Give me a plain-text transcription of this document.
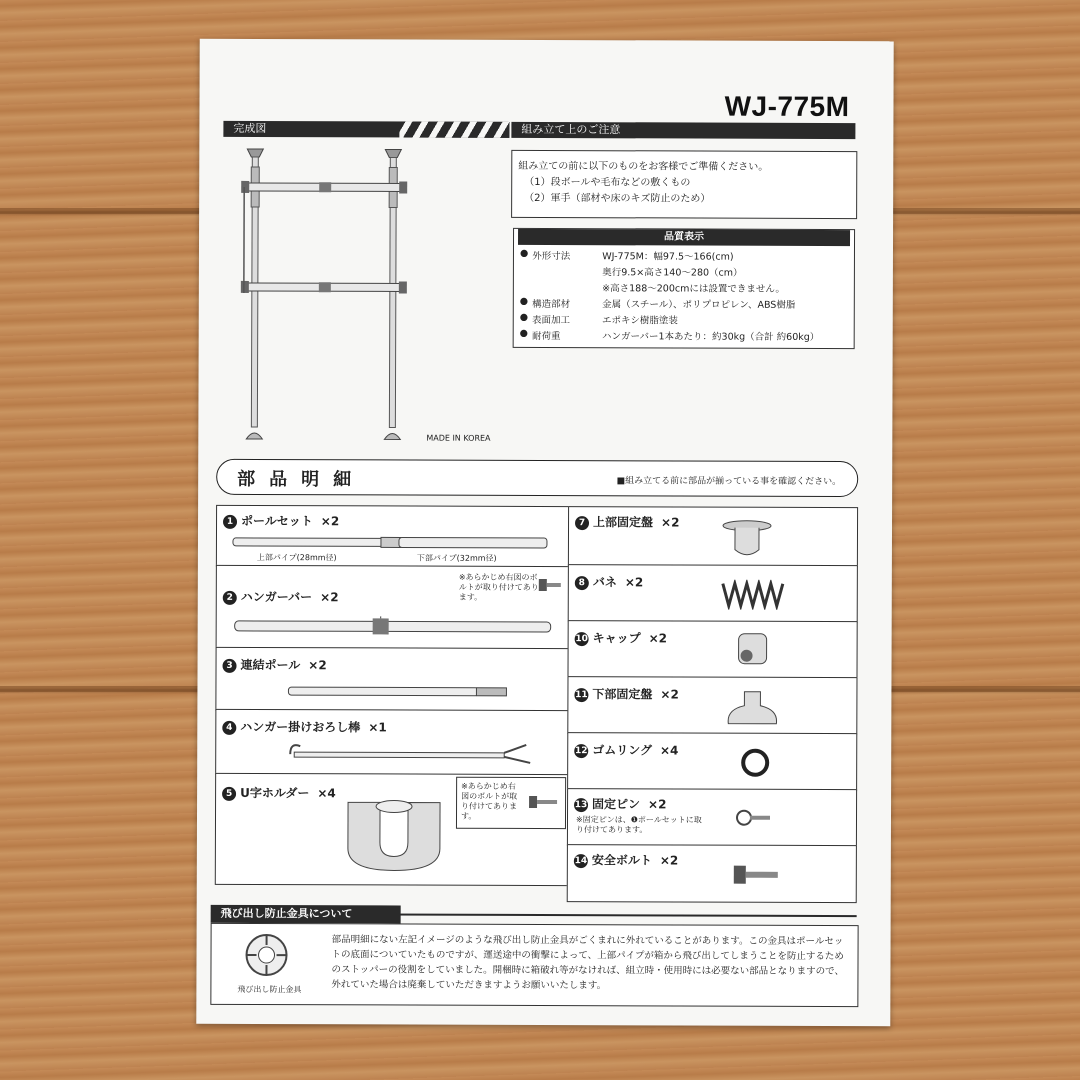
WJ-775M
完成図
MADE IN KOREA
組み立て上のご注意
組み立ての前に以下のものをお客様でご準備ください。
（1）段ボールや毛布などの敷くもの
（2）軍手（部材や床のキズ防止のため）
品質表示
●	外形寸法	WJ-775M：幅97.5～166(cm)
		奥行9.5×高さ140～280（cm）
		※高さ188～200cmには設置できません。
●	構造部材	金属（スチール）、ポリプロピレン、ABS樹脂
●	表面加工	エポキシ樹脂塗装
●	耐荷重	ハンガーバー1本あたり：約30kg（合計 約60kg）
部品明細	■組み立てる前に部品が揃っている事を確認ください。
1 ポールセット ×2
上部パイプ(28mm径)	下部パイプ(32mm径)
2 ハンガーバー ×2
※あらかじめ右図のボルトが取り付けてあります。
3 連結ポール ×2
4 ハンガー掛けおろし棒 ×1
5 U字ホルダー ×4	※あらかじめ右図のボルトが取り付けてあります。
7 上部固定盤 ×2
8 バネ ×2
10 キャップ ×2
11 下部固定盤 ×2
12 ゴムリング ×4
13 固定ピン ×2
※固定ピンは、❶ポールセットに取り付けてあります。
14 安全ボルト ×2
飛び出し防止金具について
飛び出し防止金具
部品明細にない左記イメージのような飛び出し防止金具がごくまれに外れていることがあります。この金具はポールセットの底面についていたものですが、運送途中の衝撃によって、上部パイプが箱から飛び出してしまうことを防止するためのストッパーの役割をしていました。開梱時に箱破れ等がなければ、組立時・使用時には必要ない部品となりますので、外れていた場合は廃棄していただきますようお願いいたします。
